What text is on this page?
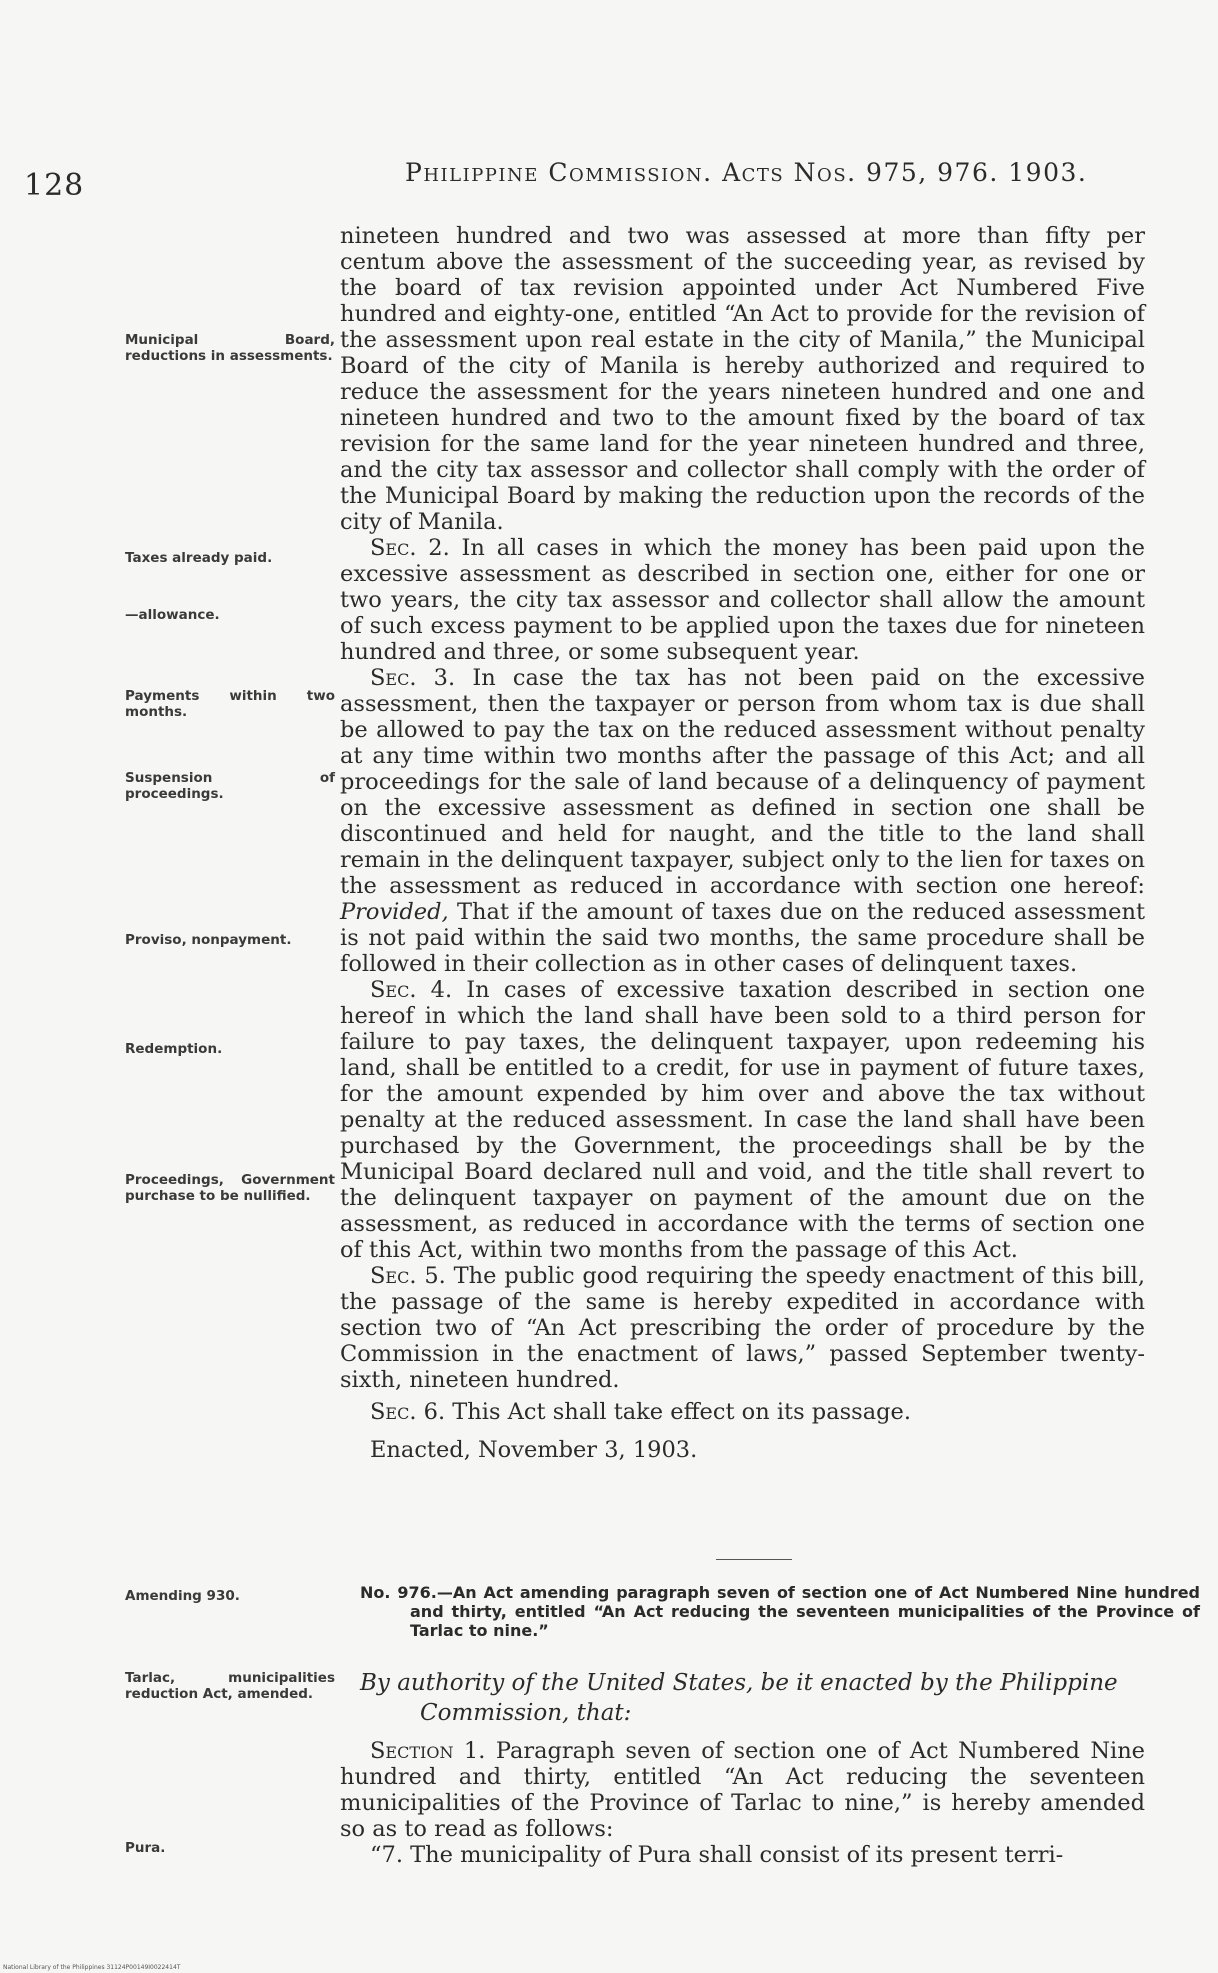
128	Philippine Commission. Acts Nos. 975, 976. 1903.
Municipal Board, reductions in assessments.
Taxes already paid.
—allowance.
Payments within two months.
Suspension of proceedings.
Proviso, nonpayment.
Redemption.
Proceedings, Government purchase to be nullified.
Amending 930.
Tarlac, municipalities reduction Act, amended.
Pura.
nineteen hundred and two was assessed at more than fifty per centum above the assessment of the succeeding year, as revised by the board of tax revision appointed under Act Numbered Five hundred and eighty-one, entitled “An Act to provide for the revision of the assessment upon real estate in the city of Manila,” the Municipal Board of the city of Manila is hereby authorized and required to reduce the assessment for the years nineteen hundred and one and nineteen hundred and two to the amount fixed by the board of tax revision for the same land for the year nineteen hundred and three, and the city tax assessor and collector shall comply with the order of the Municipal Board by making the reduction upon the records of the city of Manila.
Sec. 2. In all cases in which the money has been paid upon the excessive assessment as described in section one, either for one or two years, the city tax assessor and collector shall allow the amount of such excess payment to be applied upon the taxes due for nineteen hundred and three, or some subsequent year.
Sec. 3. In case the tax has not been paid on the excessive assessment, then the taxpayer or person from whom tax is due shall be allowed to pay the tax on the reduced assessment without penalty at any time within two months after the passage of this Act; and all proceedings for the sale of land because of a delinquency of payment on the excessive assessment as defined in section one shall be discontinued and held for naught, and the title to the land shall remain in the delinquent taxpayer, subject only to the lien for taxes on the assessment as reduced in accordance with section one hereof: Provided, That if the amount of taxes due on the reduced assessment is not paid within the said two months, the same procedure shall be followed in their collection as in other cases of delinquent taxes.
Sec. 4. In cases of excessive taxation described in section one hereof in which the land shall have been sold to a third person for failure to pay taxes, the delinquent taxpayer, upon redeeming his land, shall be entitled to a credit, for use in payment of future taxes, for the amount expended by him over and above the tax without penalty at the reduced assessment. In case the land shall have been purchased by the Government, the proceedings shall be by the Municipal Board declared null and void, and the title shall revert to the delinquent taxpayer on payment of the amount due on the assessment, as reduced in accordance with the terms of section one of this Act, within two months from the passage of this Act.
Sec. 5. The public good requiring the speedy enactment of this bill, the passage of the same is hereby expedited in accordance with section two of “An Act prescribing the order of procedure by the Commission in the enactment of laws,” passed September twenty-sixth, nineteen hundred.
Sec. 6. This Act shall take effect on its passage.
Enacted, November 3, 1903.
No. 976.—An Act amending paragraph seven of section one of Act Numbered Nine hundred and thirty, entitled “An Act reducing the seventeen municipalities of the Province of Tarlac to nine.”
By authority of the United States, be it enacted by the Philippine Commission, that:
Section 1. Paragraph seven of section one of Act Numbered Nine hundred and thirty, entitled “An Act reducing the seventeen municipalities of the Province of Tarlac to nine,” is hereby amended so as to read as follows:
“7. The municipality of Pura shall consist of its present terri-
National Library of the Philippines 31124P00149I0022414T
